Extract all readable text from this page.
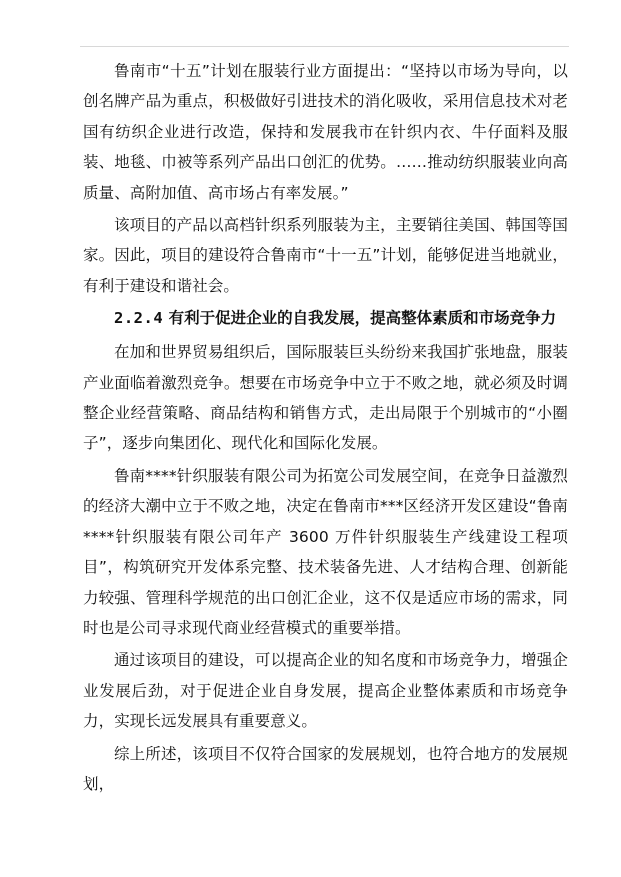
鲁南市“十五”计划在服装行业方面提出：“坚持以市场为导向，以创名牌产品为重点，积极做好引进技术的消化吸收，采用信息技术对老国有纺织企业进行改造，保持和发展我市在针织内衣、牛仔面料及服装、地毯、巾被等系列产品出口创汇的优势。……推动纺织服装业向高质量、高附加值、高市场占有率发展。”

该项目的产品以高档针织系列服装为主，主要销往美国、韩国等国家。因此，项目的建设符合鲁南市“十一五”计划，能够促进当地就业，有利于建设和谐社会。

2.2.4 有利于促进企业的自我发展，提高整体素质和市场竞争力

在加和世界贸易组织后，国际服装巨头纷纷来我国扩张地盘，服装产业面临着激烈竞争。想要在市场竞争中立于不败之地，就必须及时调整企业经营策略、商品结构和销售方式，走出局限于个别城市的“小圈子”，逐步向集团化、现代化和国际化发展。

鲁南****针织服装有限公司为拓宽公司发展空间，在竞争日益激烈的经济大潮中立于不败之地，决定在鲁南市***区经济开发区建设“鲁南****针织服装有限公司年产 3600 万件针织服装生产线建设工程项目”，构筑研究开发体系完整、技术装备先进、人才结构合理、创新能力较强、管理科学规范的出口创汇企业，这不仅是适应市场的需求，同时也是公司寻求现代商业经营模式的重要举措。

通过该项目的建设，可以提高企业的知名度和市场竞争力，增强企业发展后劲，对于促进企业自身发展，提高企业整体素质和市场竞争力，实现长远发展具有重要意义。

综上所述，该项目不仅符合国家的发展规划，也符合地方的发展规划，
